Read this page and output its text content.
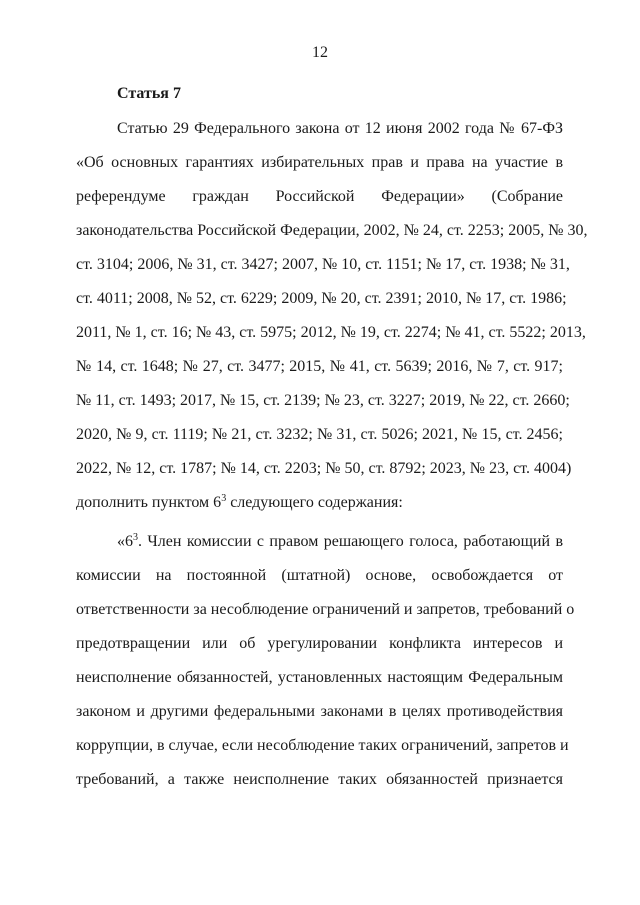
12
Статья 7
Статью 29 Федерального закона от 12 июня 2002 года № 67-ФЗ
«Об основных гарантиях избирательных прав и права на участие в
референдуме граждан Российской Федерации» (Собрание
законодательства Российской Федерации, 2002, № 24, ст. 2253; 2005, № 30,
ст. 3104; 2006, № 31, ст. 3427; 2007, № 10, ст. 1151; № 17, ст. 1938; № 31,
ст. 4011; 2008, № 52, ст. 6229; 2009, № 20, ст. 2391; 2010, № 17, ст. 1986;
2011, № 1, ст. 16; № 43, ст. 5975; 2012, № 19, ст. 2274; № 41, ст. 5522; 2013,
№ 14, ст. 1648; № 27, ст. 3477; 2015, № 41, ст. 5639; 2016, № 7, ст. 917;
№ 11, ст. 1493; 2017, № 15, ст. 2139; № 23, ст. 3227; 2019, № 22, ст. 2660;
2020, № 9, ст. 1119; № 21, ст. 3232; № 31, ст. 5026; 2021, № 15, ст. 2456;
2022, № 12, ст. 1787; № 14, ст. 2203; № 50, ст. 8792; 2023, № 23, ст. 4004)
дополнить пунктом $6^3$ следующего содержания:
«$6^3$. Член комиссии с правом решающего голоса, работающий в
комиссии на постоянной (штатной) основе, освобождается от
ответственности за несоблюдение ограничений и запретов, требований о
предотвращении или об урегулировании конфликта интересов и
неисполнение обязанностей, установленных настоящим Федеральным
законом и другими федеральными законами в целях противодействия
коррупции, в случае, если несоблюдение таких ограничений, запретов и
требований, а также неисполнение таких обязанностей признается
